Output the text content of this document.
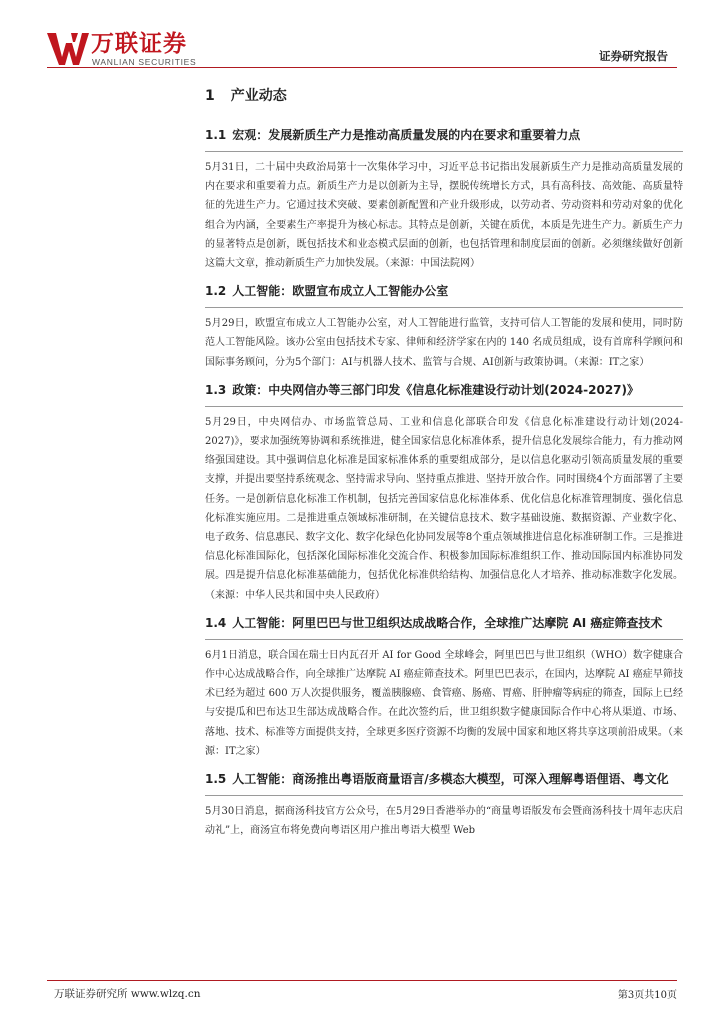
万联证券
WANLIAN SECURITIES	证券研究报告
1 产业动态
1.1 宏观：发展新质生产力是推动高质量发展的内在要求和重要着力点

5月31日，二十届中央政治局第十一次集体学习中，习近平总书记指出发展新质生产力是推动高质量发展的内在要求和重要着力点。新质生产力是以创新为主导，摆脱传统增长方式，具有高科技、高效能、高质量特征的先进生产力。它通过技术突破、要素创新配置和产业升级形成，以劳动者、劳动资料和劳动对象的优化组合为内涵，全要素生产率提升为核心标志。其特点是创新，关键在质优，本质是先进生产力。新质生产力的显著特点是创新，既包括技术和业态模式层面的创新，也包括管理和制度层面的创新。必须继续做好创新这篇大文章，推动新质生产力加快发展。（来源：中国法院网）

1.2 人工智能：欧盟宣布成立人工智能办公室

5月29日，欧盟宣布成立人工智能办公室，对人工智能进行监管，支持可信人工智能的发展和使用，同时防范人工智能风险。该办公室由包括技术专家、律师和经济学家在内的 140 名成员组成，设有首席科学顾问和国际事务顾问，分为5个部门：AI与机器人技术、监管与合规、AI创新与政策协调。（来源：IT之家）

1.3 政策：中央网信办等三部门印发《信息化标准建设行动计划(2024-2027)》

5月29日，中央网信办、市场监管总局、工业和信息化部联合印发《信息化标准建设行动计划(2024-2027)》，要求加强统筹协调和系统推进，健全国家信息化标准体系，提升信息化发展综合能力，有力推动网络强国建设。其中强调信息化标准是国家标准体系的重要组成部分，是以信息化驱动引领高质量发展的重要支撑，并提出要坚持系统观念、坚持需求导向、坚持重点推进、坚持开放合作。同时围绕4个方面部署了主要任务。一是创新信息化标准工作机制，包括完善国家信息化标准体系、优化信息化标准管理制度、强化信息化标准实施应用。二是推进重点领域标准研制，在关键信息技术、数字基础设施、数据资源、产业数字化、电子政务、信息惠民、数字文化、数字化绿色化协同发展等8个重点领域推进信息化标准研制工作。三是推进信息化标准国际化，包括深化国际标准化交流合作、积极参加国际标准组织工作、推动国际国内标准协同发展。四是提升信息化标准基础能力，包括优化标准供给结构、加强信息化人才培养、推动标准数字化发展。（来源：中华人民共和国中央人民政府）

1.4 人工智能：阿里巴巴与世卫组织达成战略合作，全球推广达摩院 AI 癌症筛查技术

6月1日消息，联合国在瑞士日内瓦召开 AI for Good 全球峰会，阿里巴巴与世卫组织（WHO）数字健康合作中心达成战略合作，向全球推广达摩院 AI 癌症筛查技术。阿里巴巴表示，在国内，达摩院 AI 癌症早筛技术已经为超过 600 万人次提供服务，覆盖胰腺癌、食管癌、肠癌、胃癌、肝肿瘤等病症的筛查，国际上已经与安提瓜和巴布达卫生部达成战略合作。在此次签约后，世卫组织数字健康国际合作中心将从渠道、市场、落地、技术、标准等方面提供支持，全球更多医疗资源不均衡的发展中国家和地区将共享这项前沿成果。（来源：IT之家）

1.5 人工智能：商汤推出粤语版商量语言/多模态大模型，可深入理解粤语俚语、粤文化

5月30日消息，据商汤科技官方公众号，在5月29日香港举办的“商量粤语版发布会暨商汤科技十周年志庆启动礼”上，商汤宣布将免费向粤语区用户推出粤语大模型 Web

万联证券研究所 www.wlzq.cn	第3页共10页
